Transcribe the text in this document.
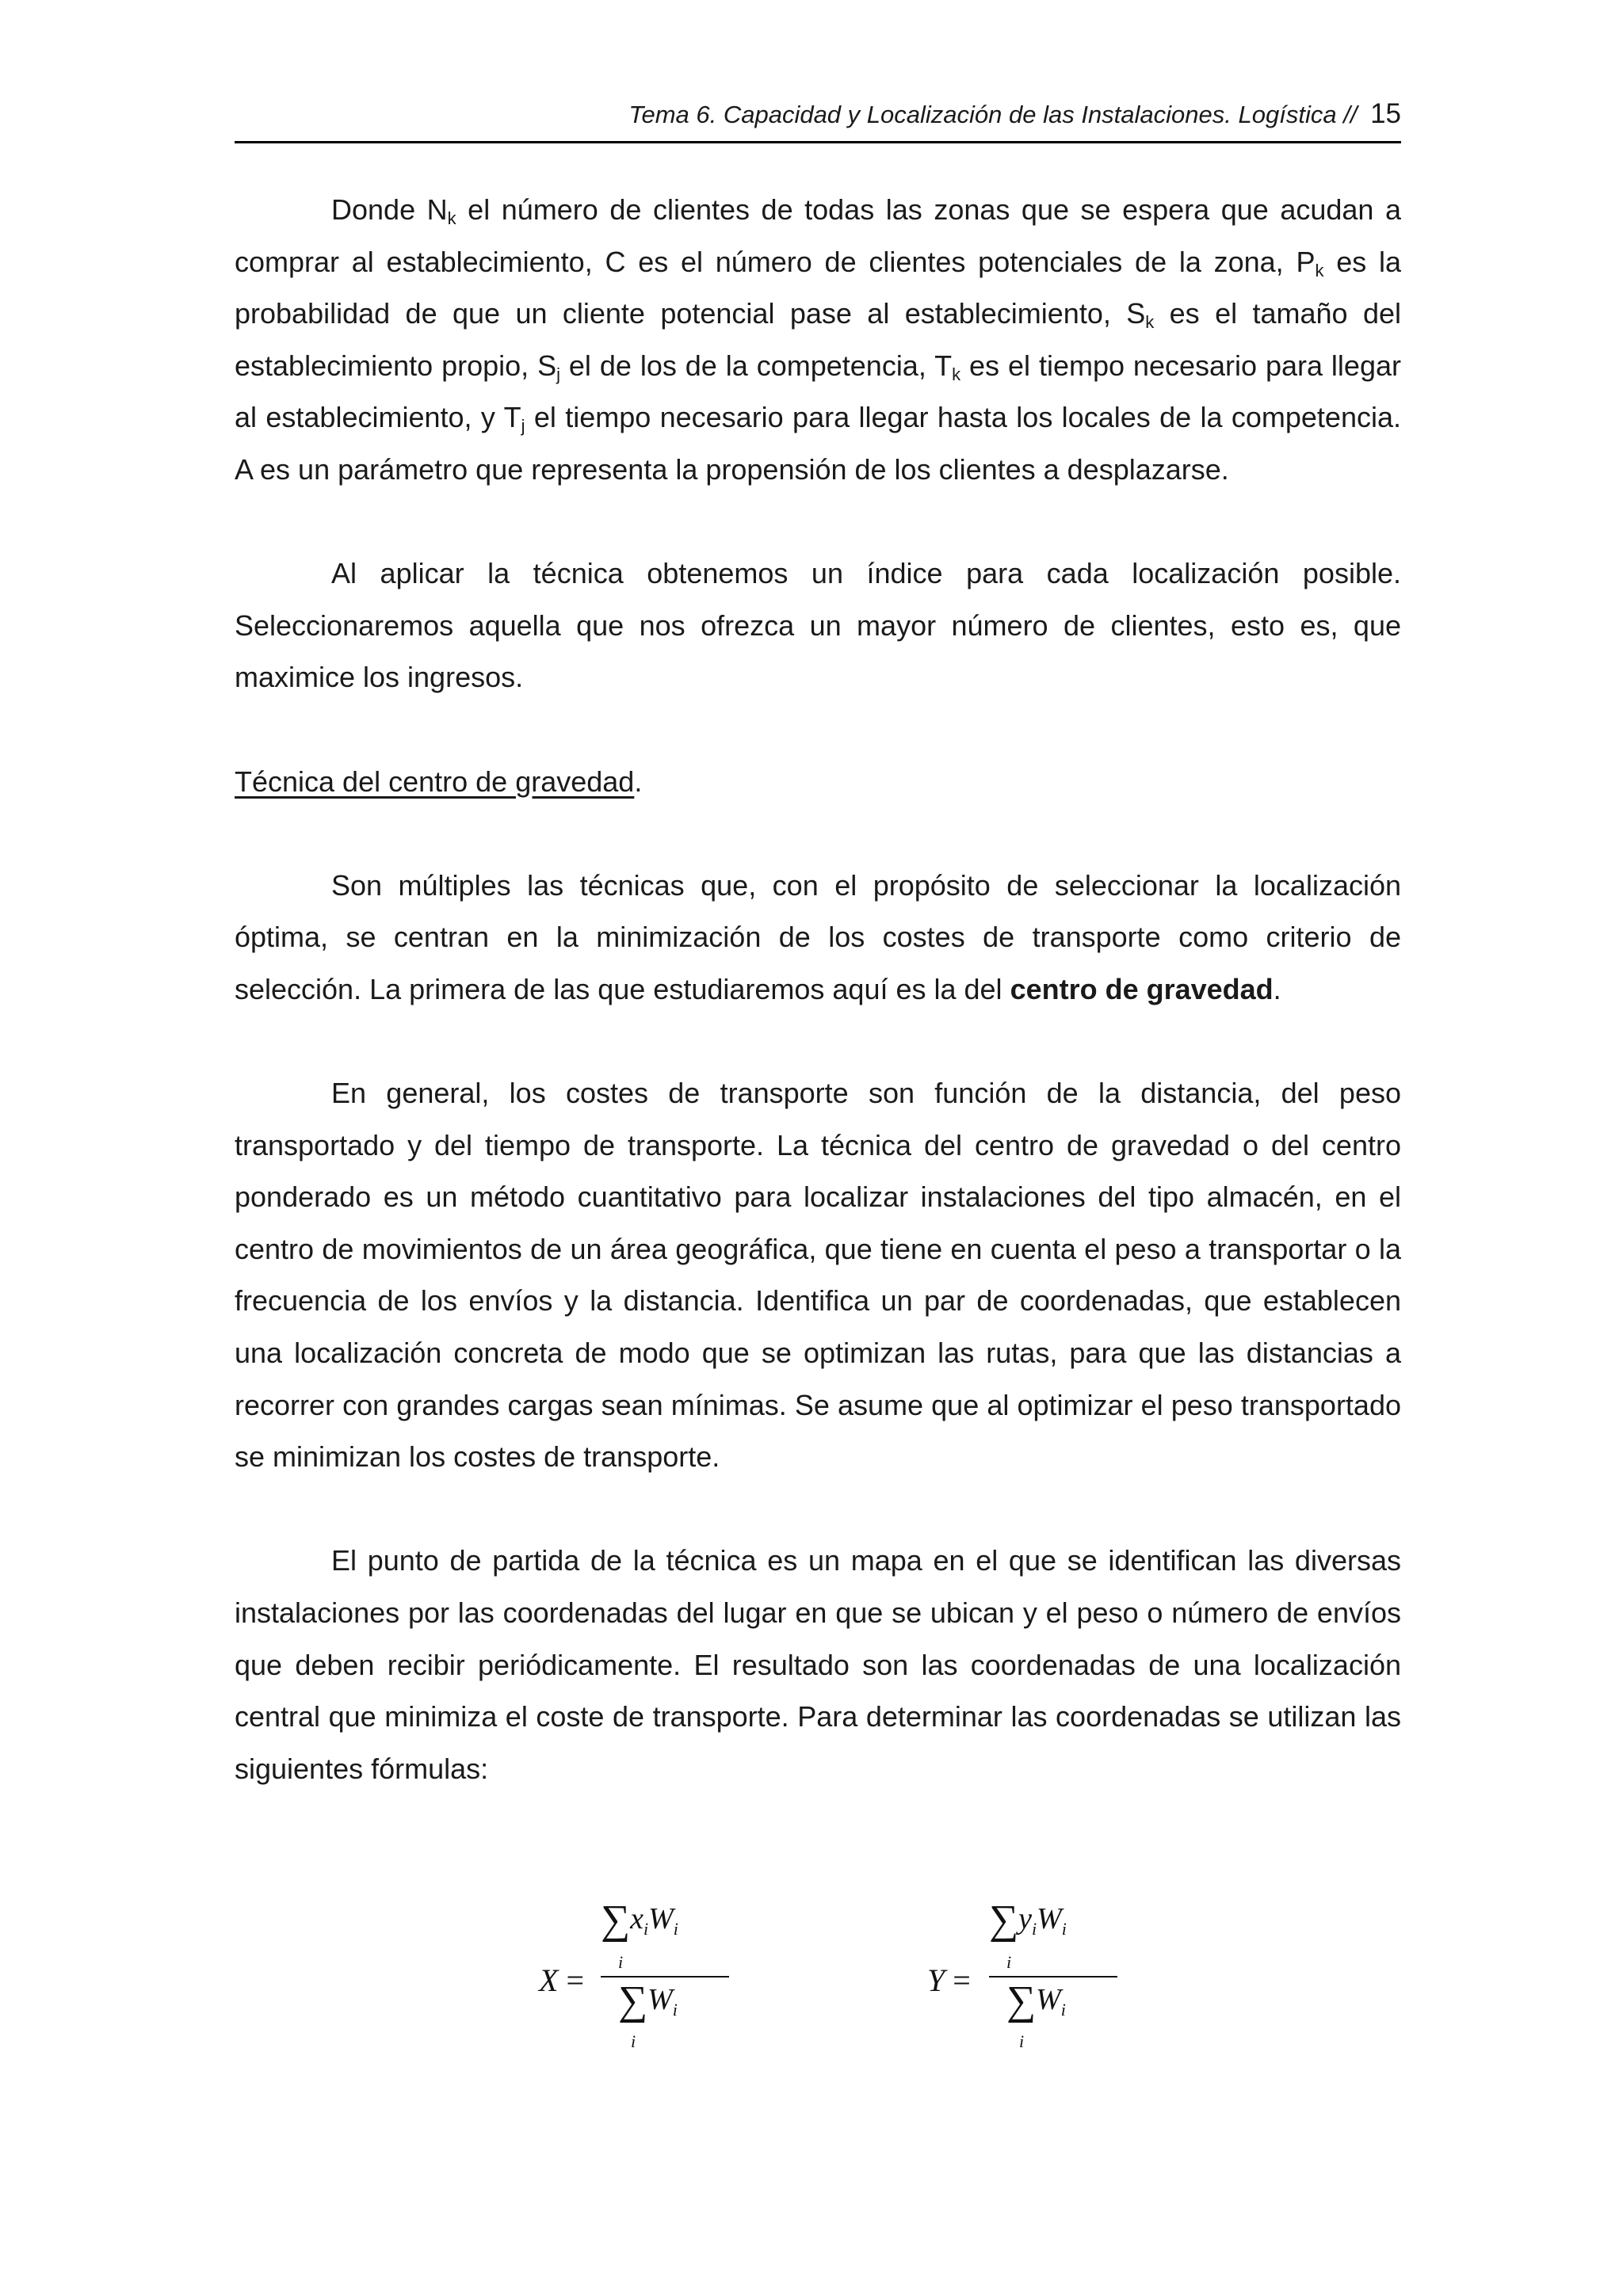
Tema 6. Capacidad y Localización de las Instalaciones. Logística // 15

Donde $N_k$ el número de clientes de todas las zonas que se espera que acudan a comprar al establecimiento, C es el número de clientes potenciales de la zona, $P_k$ es la probabilidad de que un cliente potencial pase al establecimiento, $S_k$ es el tamaño del establecimiento propio, $S_j$ el de los de la competencia, $T_k$ es el tiempo necesario para llegar al establecimiento, y $T_j$ el tiempo necesario para llegar hasta los locales de la competencia. A es un parámetro que representa la propensión de los clientes a desplazarse.

Al aplicar la técnica obtenemos un índice para cada localización posible. Seleccionaremos aquella que nos ofrezca un mayor número de clientes, esto es, que maximice los ingresos.

Técnica del centro de gravedad.

Son múltiples las técnicas que, con el propósito de seleccionar la localización óptima, se centran en la minimización de los costes de transporte como criterio de selección. La primera de las que estudiaremos aquí es la del centro de gravedad.

En general, los costes de transporte son función de la distancia, del peso transportado y del tiempo de transporte. La técnica del centro de gravedad o del centro ponderado es un método cuantitativo para localizar instalaciones del tipo almacén, en el centro de movimientos de un área geográfica, que tiene en cuenta el peso a transportar o la frecuencia de los envíos y la distancia. Identifica un par de coordenadas, que establecen una localización concreta de modo que se optimizan las rutas, para que las distancias a recorrer con grandes cargas sean mínimas. Se asume que al optimizar el peso transportado se minimizan los costes de transporte.

El punto de partida de la técnica es un mapa en el que se identifican las diversas instalaciones por las coordenadas del lugar en que se ubican y el peso o número de envíos que deben recibir periódicamente. El resultado son las coordenadas de una localización central que minimiza el coste de transporte. Para determinar las coordenadas se utilizan las siguientes fórmulas:

X =
$\sum x_iW_i$
i
$\sum W_i$
i
Y =
$\sum y_iW_i$
i
$\sum W_i$
i
